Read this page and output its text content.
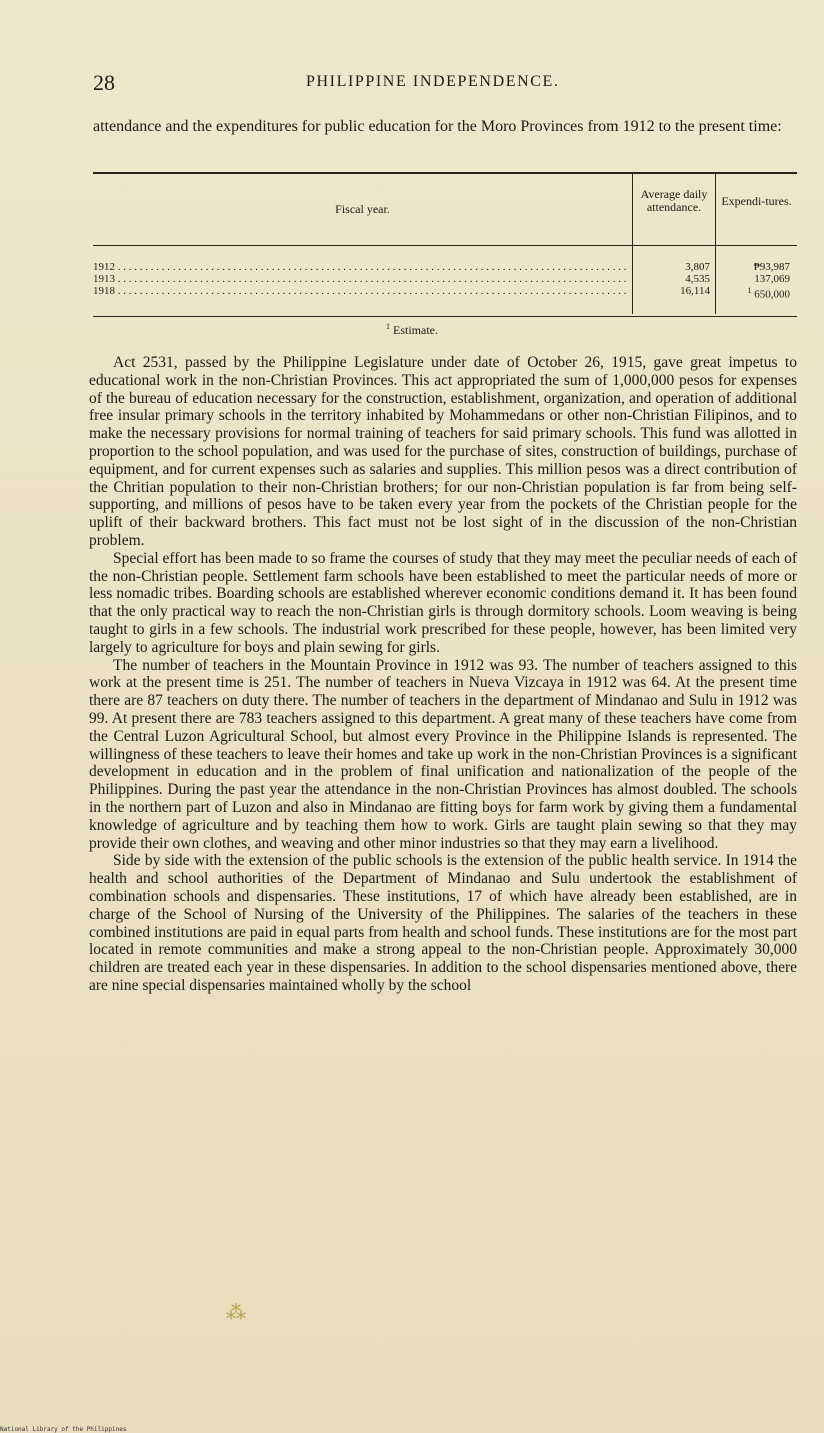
28	PHILIPPINE INDEPENDENCE.
attendance and the expenditures for public education for the Moro Provinces from 1912 to the present time:
Fiscal year.
Average daily attendance.	Expendi-tures.
1912 . . .	3,807	₱93,987
1913 . . .	4,535	137,069
1918 . . .	16,114	$^1$ 650,000
$^1$ Estimate.

Act 2531, passed by the Philippine Legislature under date of October 26, 1915, gave great impetus to educational work in the non-Christian Provinces. This act appropriated the sum of 1,000,000 pesos for expenses of the bureau of education necessary for the construction, establishment, organization, and operation of additional free insular primary schools in the territory inhabited by Mohammedans or other non-Christian Filipinos, and to make the necessary provisions for normal training of teachers for said primary schools. This fund was allotted in proportion to the school population, and was used for the purchase of sites, construction of buildings, purchase of equipment, and for current expenses such as salaries and supplies. This million pesos was a direct contribution of the Chritian population to their non-Christian brothers; for our non-Christian population is far from being self-supporting, and millions of pesos have to be taken every year from the pockets of the Christian people for the uplift of their backward brothers. This fact must not be lost sight of in the discussion of the non-Christian problem.

Special effort has been made to so frame the courses of study that they may meet the peculiar needs of each of the non-Christian people. Settlement farm schools have been established to meet the particular needs of more or less nomadic tribes. Boarding schools are established wherever economic conditions demand it. It has been found that the only practical way to reach the non-Christian girls is through dormitory schools. Loom weaving is being taught to girls in a few schools. The industrial work prescribed for these people, however, has been limited very largely to agriculture for boys and plain sewing for girls.

The number of teachers in the Mountain Province in 1912 was 93. The number of teachers assigned to this work at the present time is 251. The number of teachers in Nueva Vizcaya in 1912 was 64. At the present time there are 87 teachers on duty there. The number of teachers in the department of Mindanao and Sulu in 1912 was 99. At present there are 783 teachers assigned to this department. A great many of these teachers have come from the Central Luzon Agricultural School, but almost every Province in the Philippine Islands is represented. The willingness of these teachers to leave their homes and take up work in the non-Christian Provinces is a significant development in education and in the problem of final unification and nationalization of the people of the Philippines. During the past year the attendance in the non-Christian Provinces has almost doubled. The schools in the northern part of Luzon and also in Mindanao are fitting boys for farm work by giving them a fundamental knowledge of agriculture and by teaching them how to work. Girls are taught plain sewing so that they may provide their own clothes, and weaving and other minor industries so that they may earn a livelihood.

Side by side with the extension of the public schools is the extension of the public health service. In 1914 the health and school authorities of the Department of Mindanao and Sulu undertook the establishment of combination schools and dispensaries. These institutions, 17 of which have already been established, are in charge of the School of Nursing of the University of the Philippines. The salaries of the teachers in these combined institutions are paid in equal parts from health and school funds. These institutions are for the most part located in remote communities and make a strong appeal to the non-Christian people. Approximately 30,000 children are treated each year in these dispensaries. In addition to the school dispensaries mentioned above, there are nine special dispensaries maintained wholly by the school

⁂
National Library of the Philippines
